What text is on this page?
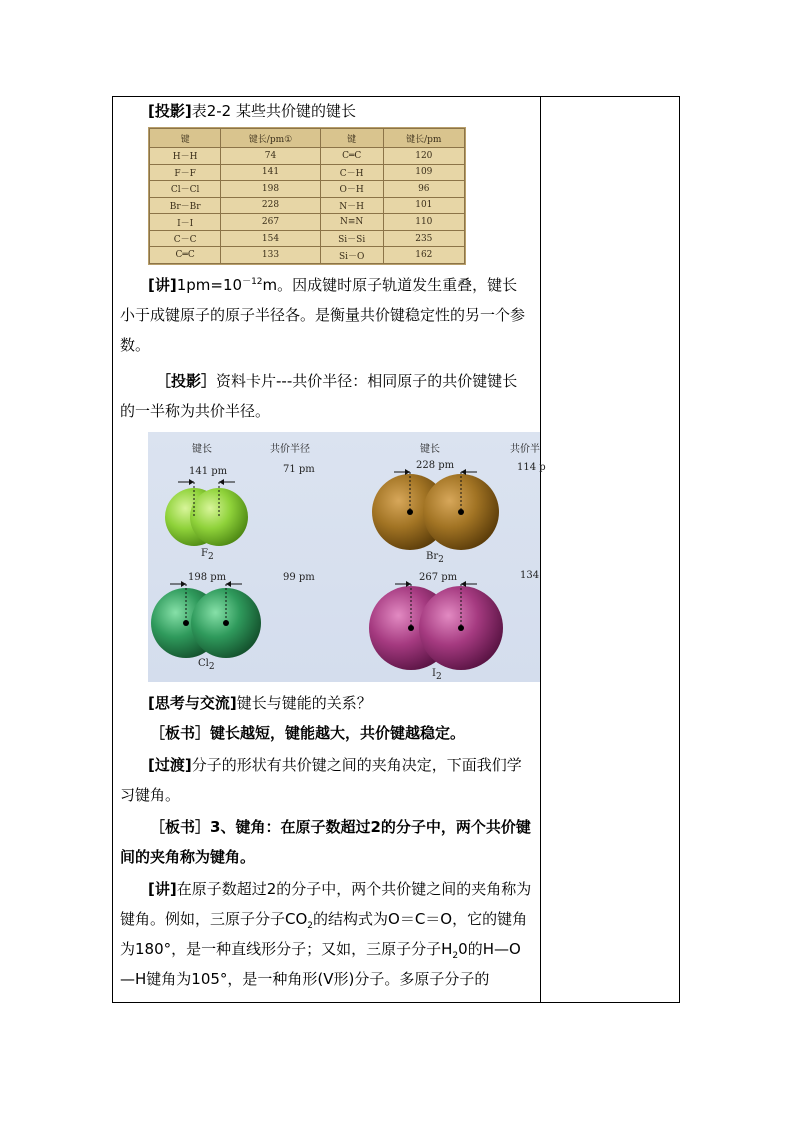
[投影]表2-2 某些共价键的键长

键	键长/pm①	键	键长/pm
H－H	74	C═C	120
F－F	141	C－H	109
Cl－Cl	198	O－H	96
Br－Br	228	N－H	101
I－I	267	N≡N	110
C－C	154	Si－Si	235
C═C	133	Si－O	162

[讲]$1pm=10^{-12}m$。因成键时原子轨道发生重叠，键长小于成键原子的原子半径各。是衡量共价键稳定性的另一个参数。

［投影］资料卡片---共价半径：相同原子的共价键键长的一半称为共价半径。

键长	共价半径	键长	共价半
141 pm	71 pm
$F_2$
228 pm	114 p
$Br_2$
198 pm	99 pm
$Cl_2$
267 pm	134
$I_2$

[思考与交流]键长与键能的关系？

［板书］键长越短，键能越大，共价键越稳定。

[过渡]分子的形状有共价键之间的夹角决定，下面我们学习键角。

［板书］3、键角：在原子数超过2的分子中，两个共价键间的夹角称为键角。

[讲]在原子数超过2的分子中，两个共价键之间的夹角称为键角。例如，三原子分子$CO_2$的结构式为O＝C＝O，它的键角为180°，是一种直线形分子；又如，三原子分子$H_20$的H—O—H键角为105°，是一种角形(V形)分子。多原子分子的
